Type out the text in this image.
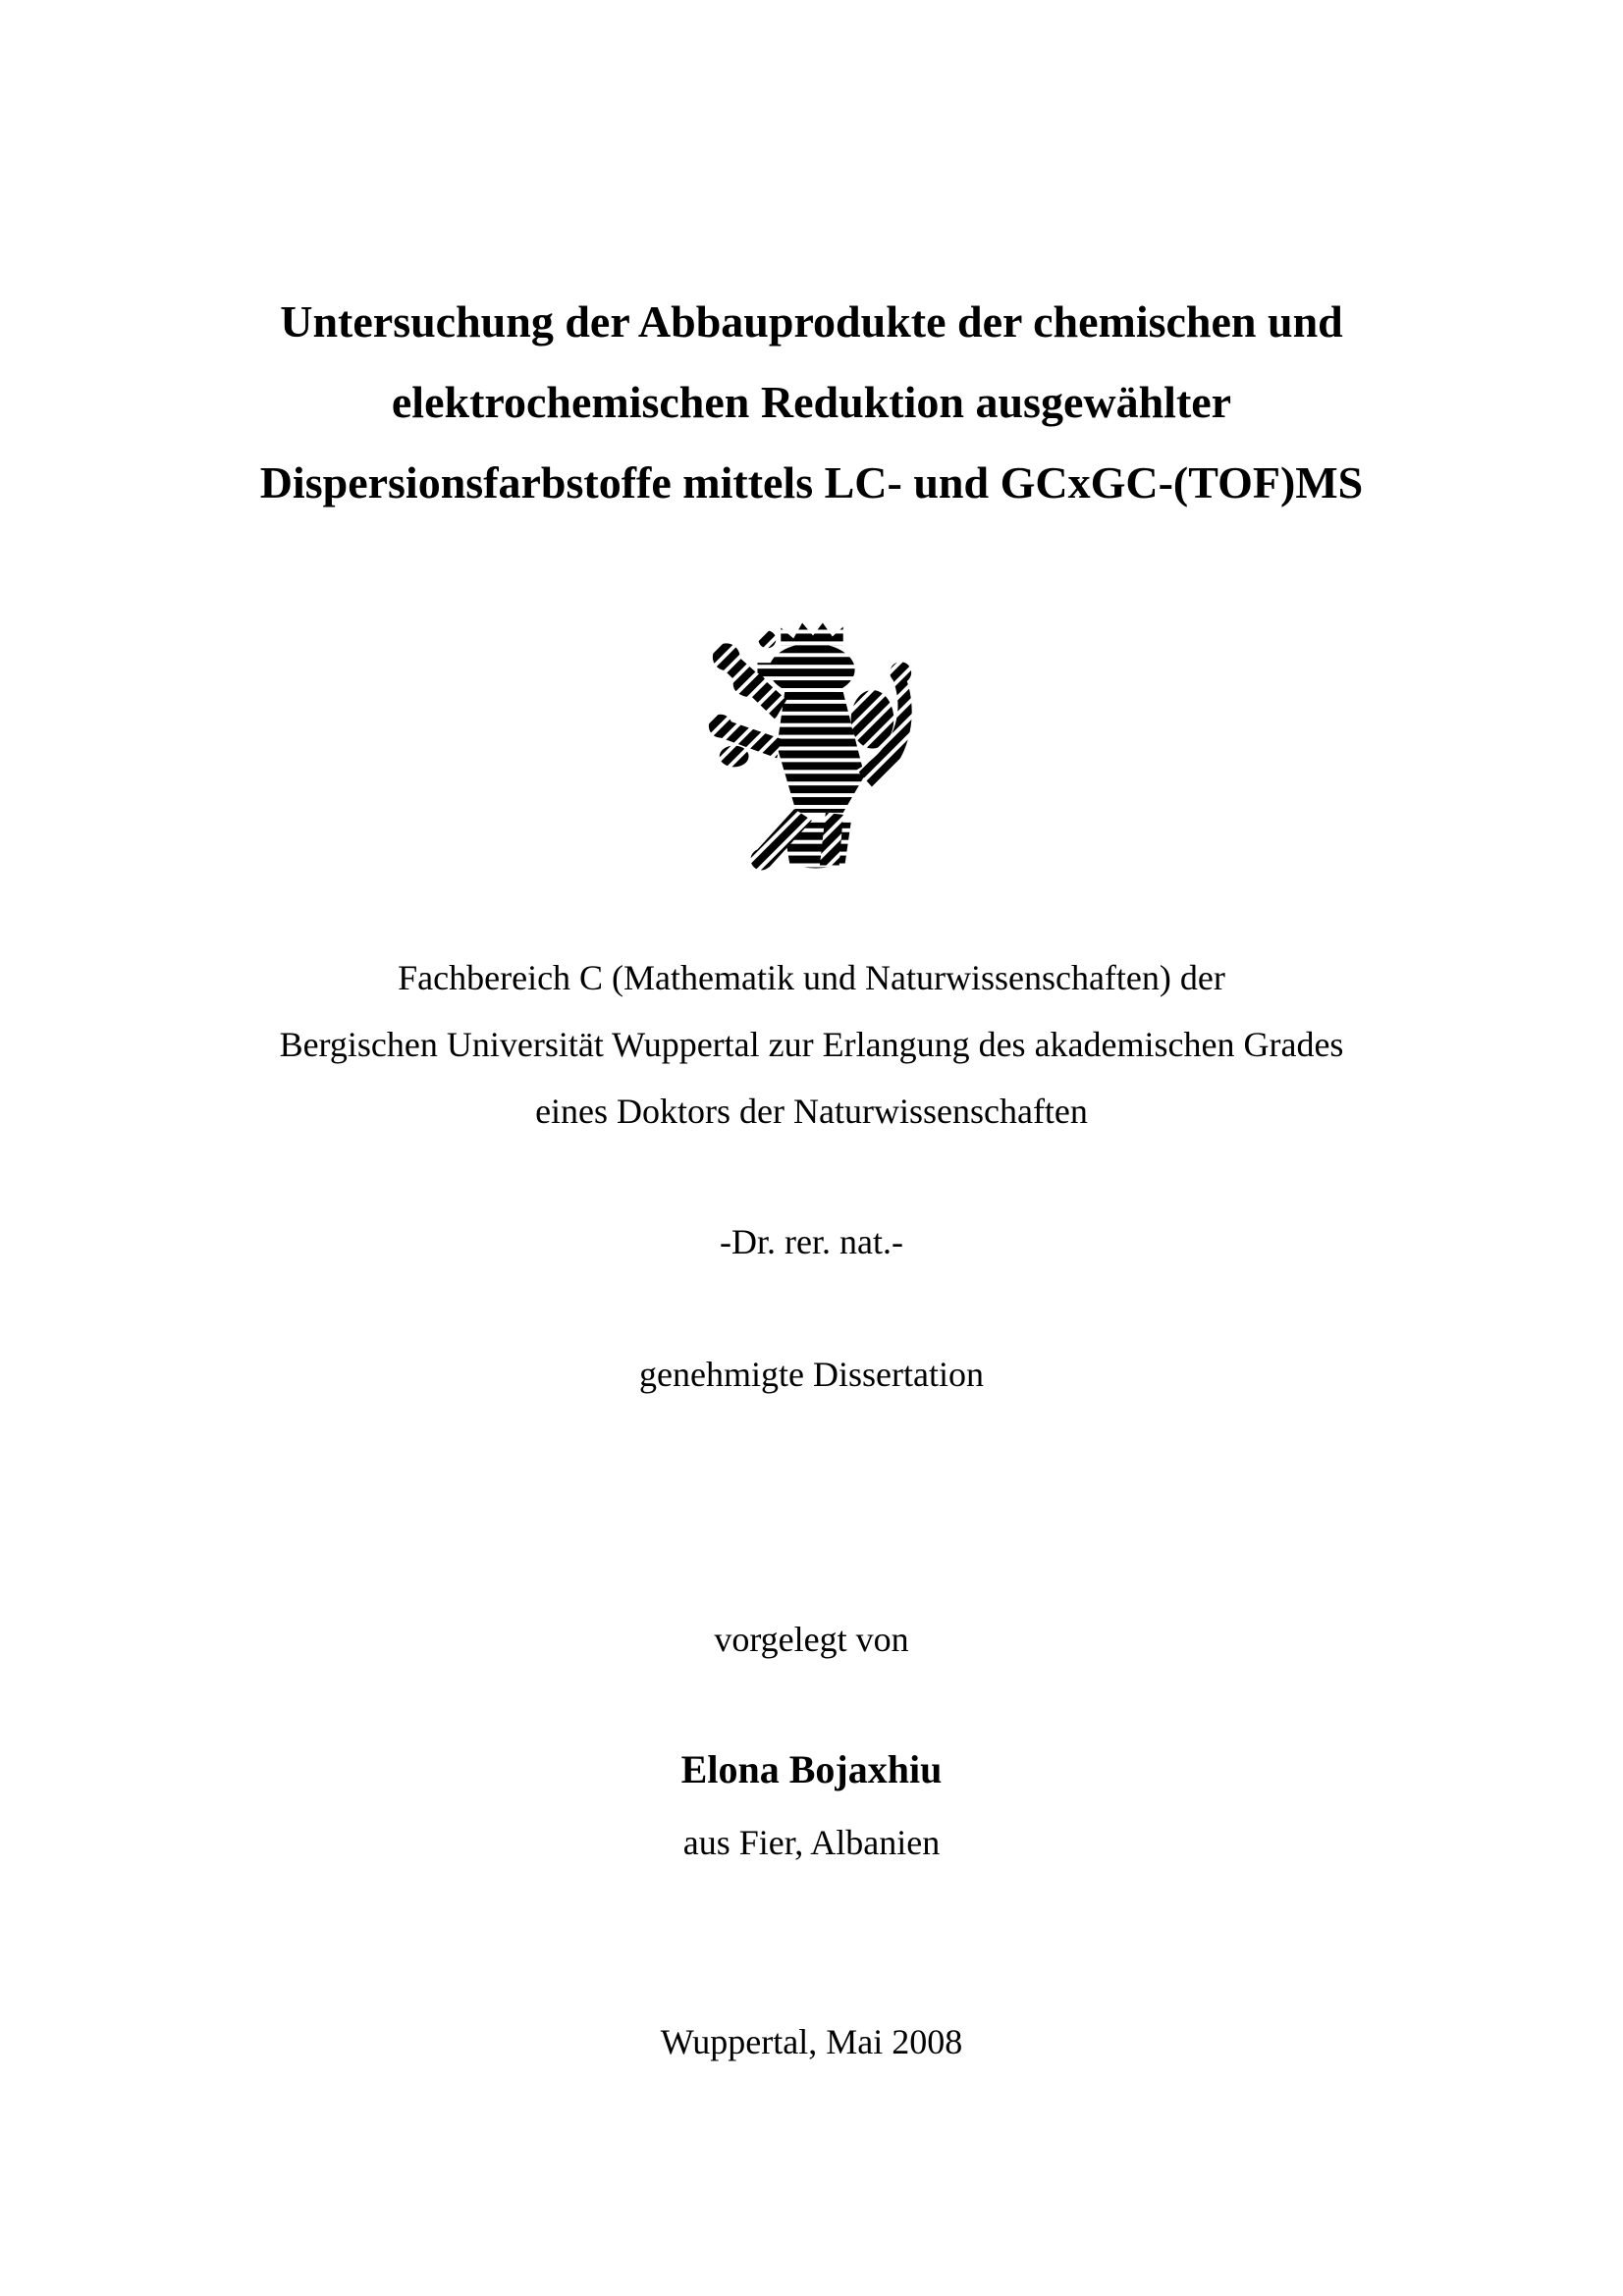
Untersuchung der Abbauprodukte der chemischen und
elektrochemischen Reduktion ausgewählter
Dispersionsfarbstoffe mittels LC- und GCxGC-(TOF)MS
Fachbereich C (Mathematik und Naturwissenschaften) der
Bergischen Universität Wuppertal zur Erlangung des akademischen Grades
eines Doktors der Naturwissenschaften
-Dr. rer. nat.-
genehmigte Dissertation
vorgelegt von
Elona Bojaxhiu
aus Fier, Albanien
Wuppertal, Mai 2008
